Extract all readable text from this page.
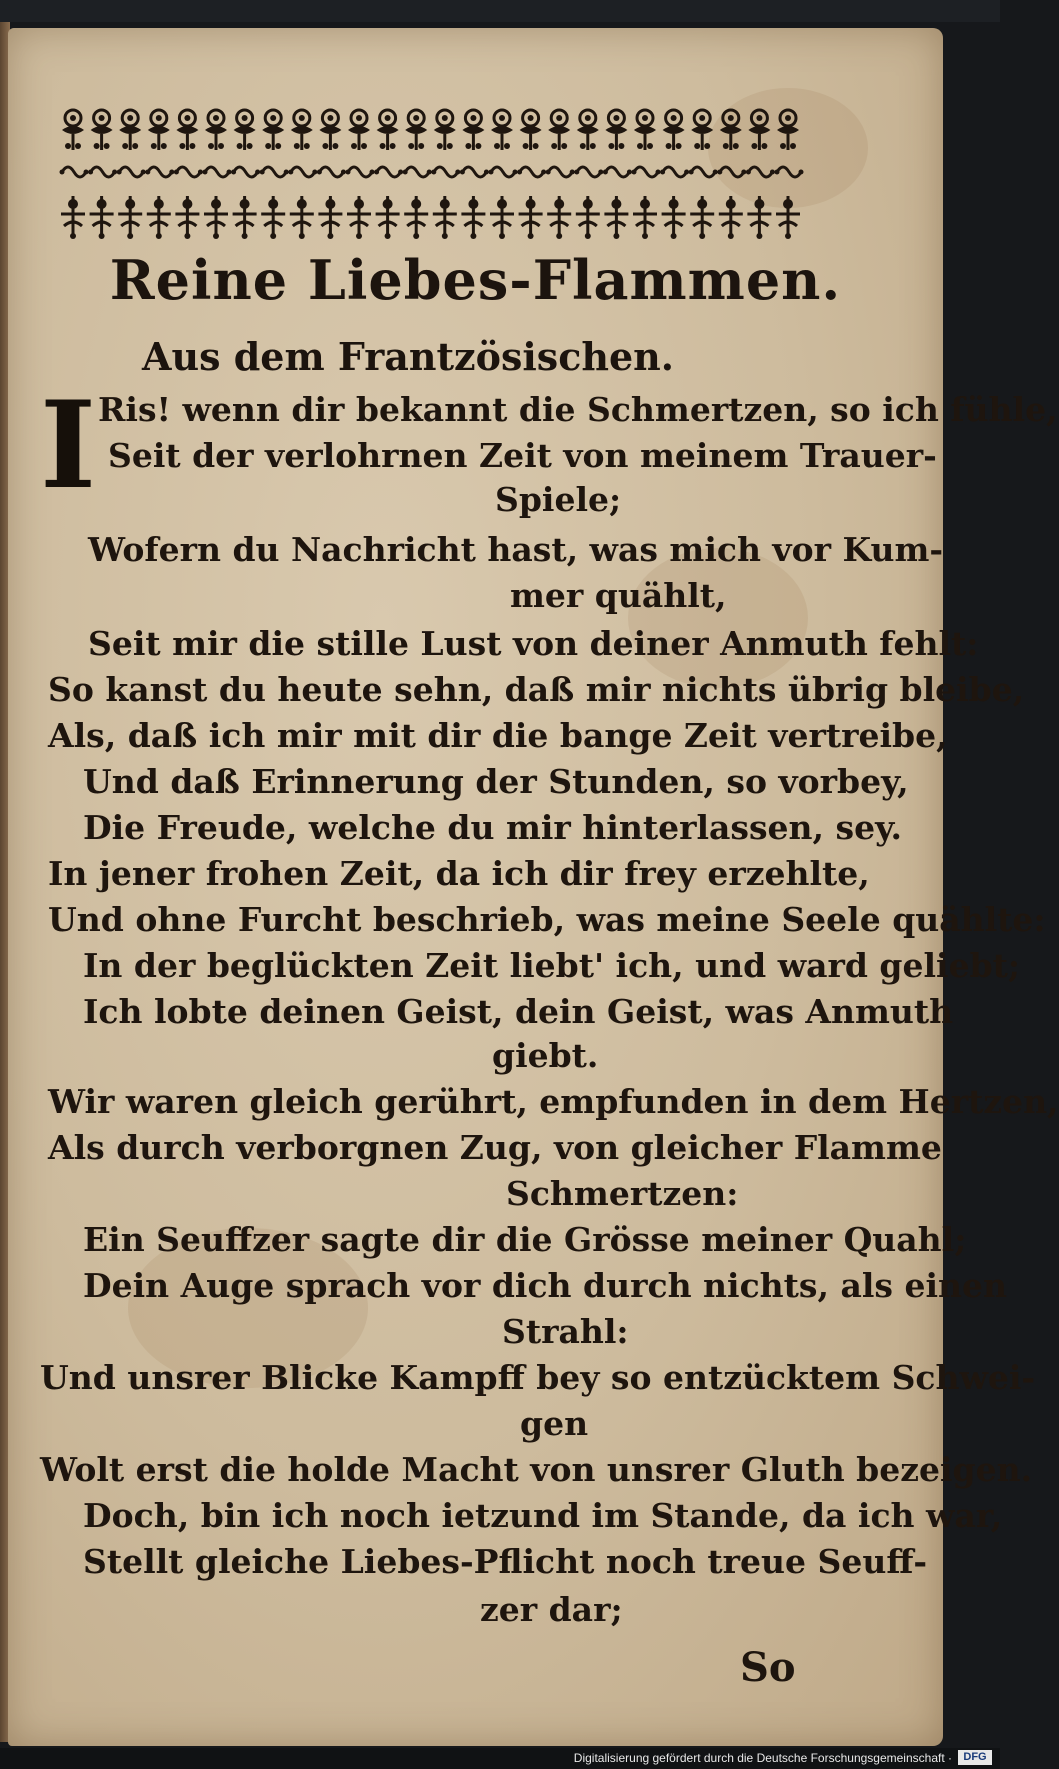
Reine Liebes-Flammen.
Aus dem Frantzösischen.
I Ris! wenn dir bekannt die Schmertzen, so ich fühle,
Seit der verlohrnen Zeit von meinem Trauer-
Spiele;
Wofern du Nachricht hast, was mich vor Kum-
mer quählt,
Seit mir die stille Lust von deiner Anmuth fehlt:
So kanst du heute sehn, daß mir nichts übrig bleibe,
Als, daß ich mir mit dir die bange Zeit vertreibe,
Und daß Erinnerung der Stunden, so vorbey,
Die Freude, welche du mir hinterlassen, sey.
In jener frohen Zeit, da ich dir frey erzehlte,
Und ohne Furcht beschrieb, was meine Seele quählte:
In der beglückten Zeit liebt' ich, und ward geliebt;
Ich lobte deinen Geist, dein Geist, was Anmuth
giebt.
Wir waren gleich gerührt, empfunden in dem Hertzen,
Als durch verborgnen Zug, von gleicher Flamme
Schmertzen:
Ein Seuffzer sagte dir die Grösse meiner Quahl;
Dein Auge sprach vor dich durch nichts, als einen
Strahl:
Und unsrer Blicke Kampff bey so entzücktem Schwei-
gen
Wolt erst die holde Macht von unsrer Gluth bezeigen.
Doch, bin ich noch ietzund im Stande, da ich war,
Stellt gleiche Liebes-Pflicht noch treue Seuff-
zer dar;
So
Digitalisierung gefördert durch die Deutsche Forschungsgemeinschaft ·	DFG
